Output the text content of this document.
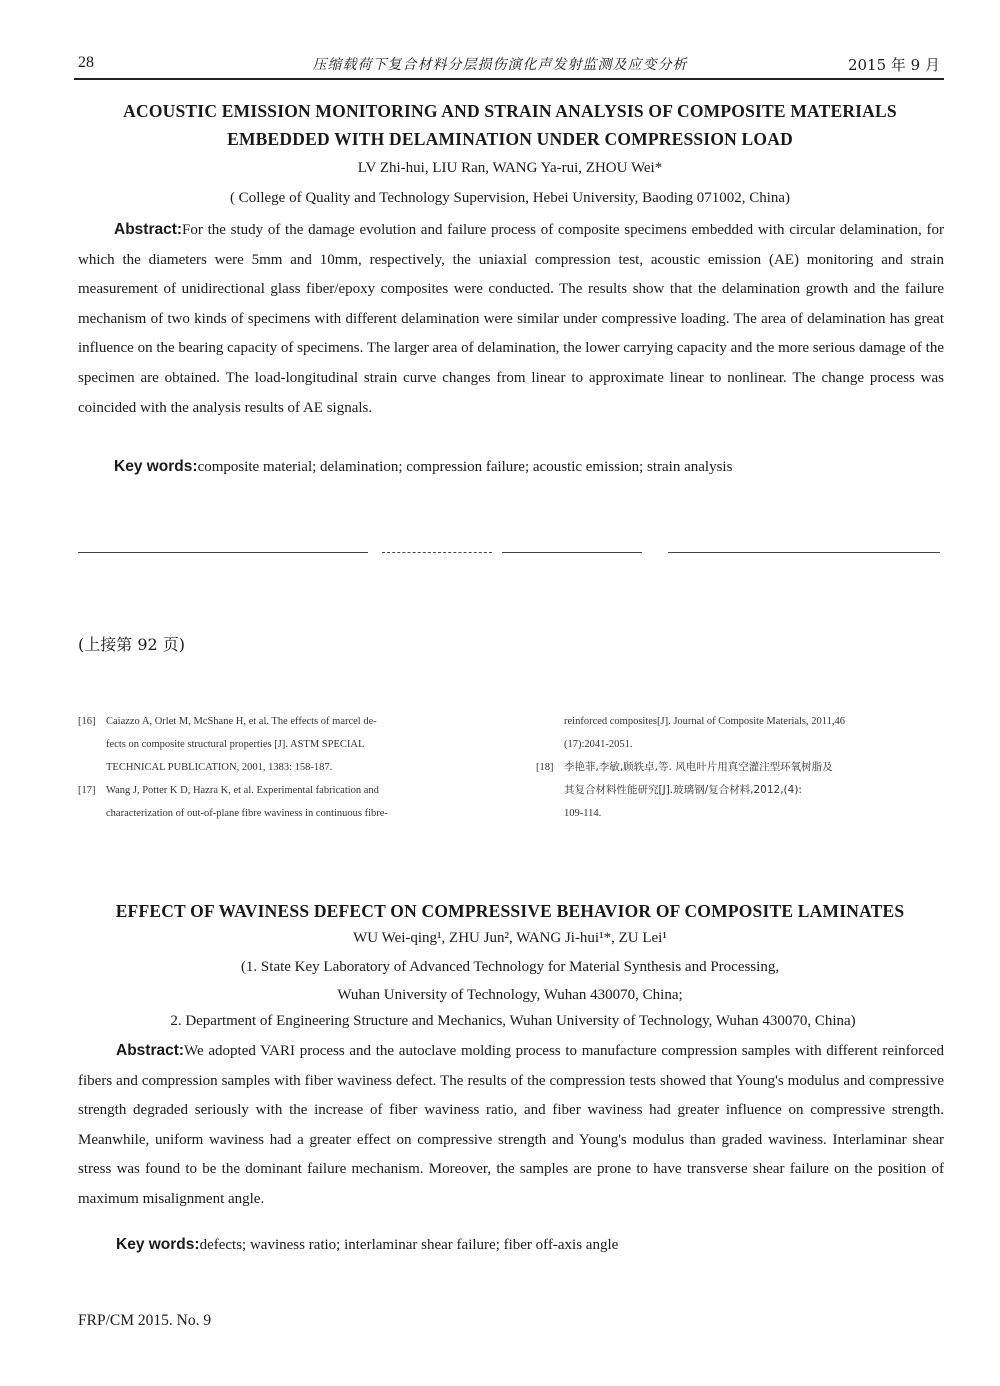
28	压缩载荷下复合材料分层损伤演化声发射监测及应变分析	2015 年 9 月
ACOUSTIC EMISSION MONITORING AND STRAIN ANALYSIS OF COMPOSITE MATERIALS
EMBEDDED WITH DELAMINATION UNDER COMPRESSION LOAD
LV Zhi-hui, LIU Ran, WANG Ya-rui, ZHOU Wei*
( College of Quality and Technology Supervision, Hebei University, Baoding 071002, China)
Abstract:For the study of the damage evolution and failure process of composite specimens embedded with circular delamination, for which the diameters were 5mm and 10mm, respectively, the uniaxial compression test, acoustic emission (AE) monitoring and strain measurement of unidirectional glass fiber/epoxy composites were conducted. The results show that the delamination growth and the failure mechanism of two kinds of specimens with different delamination were similar under compressive loading. The area of delamination has great influence on the bearing capacity of specimens. The larger area of delamination, the lower carrying capacity and the more serious damage of the specimen are obtained. The load-longitudinal strain curve changes from linear to approximate linear to nonlinear. The change process was coincided with the analysis results of AE signals.
Key words:composite material; delamination; compression failure; acoustic emission; strain analysis
(上接第 92 页)
[16] Caiazzo A, Orlet M, McShane H, et al. The effects of marcel de-
fects on composite structural properties [J]. ASTM SPECIAL
TECHNICAL PUBLICATION, 2001, 1383: 158-187.
[17] Wang J, Potter K D, Hazra K, et al. Experimental fabrication and
characterization of out-of-plane fibre waviness in continuous fibre-
reinforced composites[J]. Journal of Composite Materials, 2011,46
(17):2041-2051.
[18] 李艳菲,李敏,顾轶卓,等. 风电叶片用真空灌注型环氧树脂及
其复合材料性能研究[J].玻璃钢/复合材料,2012,(4):
109-114.
EFFECT OF WAVINESS DEFECT ON COMPRESSIVE BEHAVIOR OF COMPOSITE LAMINATES
WU Wei-qing¹, ZHU Jun², WANG Ji-hui¹*, ZU Lei¹
(1. State Key Laboratory of Advanced Technology for Material Synthesis and Processing,
Wuhan University of Technology, Wuhan 430070, China;
2. Department of Engineering Structure and Mechanics, Wuhan University of Technology, Wuhan 430070, China)
Abstract:We adopted VARI process and the autoclave molding process to manufacture compression samples with different reinforced fibers and compression samples with fiber waviness defect. The results of the compression tests showed that Young's modulus and compressive strength degraded seriously with the increase of fiber waviness ratio, and fiber waviness had greater influence on compressive strength. Meanwhile, uniform waviness had a greater effect on compressive strength and Young's modulus than graded waviness. Interlaminar shear stress was found to be the dominant failure mechanism. Moreover, the samples are prone to have transverse shear failure on the position of maximum misalignment angle.
Key words:defects; waviness ratio; interlaminar shear failure; fiber off-axis angle
FRP/CM 2015. No. 9
